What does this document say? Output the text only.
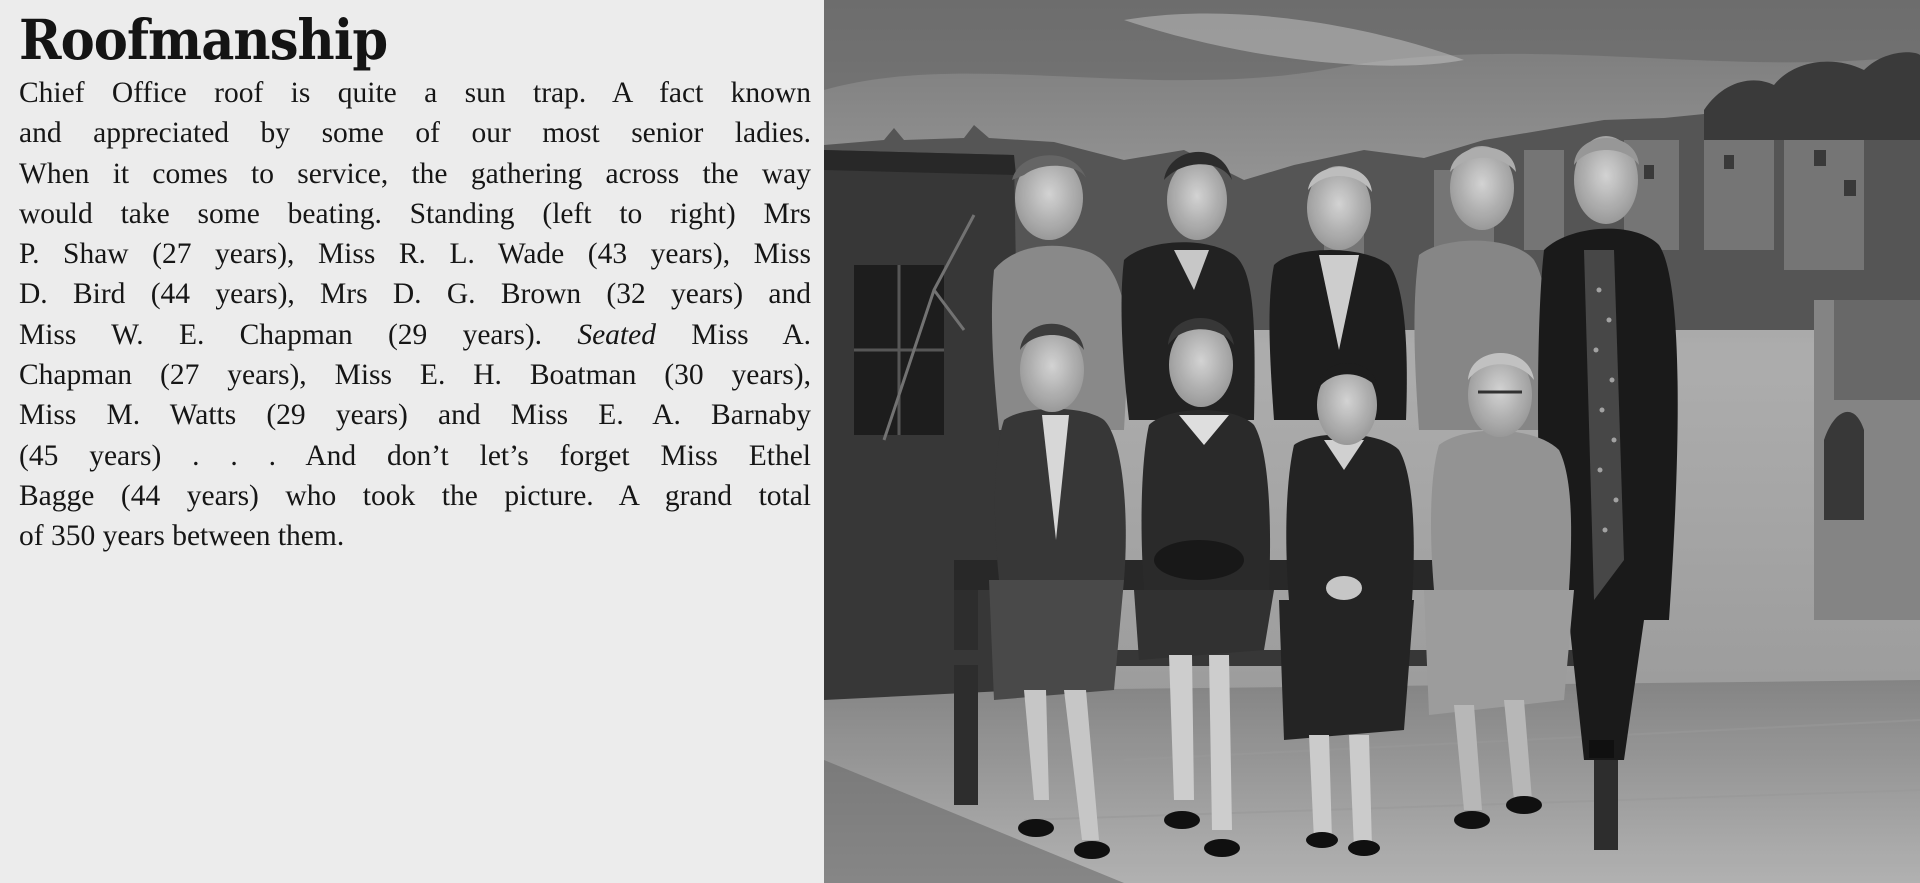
Roofmanship

Chief Office roof is quite a sun trap. A fact known
and appreciated by some of our most senior ladies.
When it comes to service, the gathering across the way
would take some beating. Standing (left to right) Mrs
P. Shaw (27 years), Miss R. L. Wade (43 years), Miss
D. Bird (44 years), Mrs D. G. Brown (32 years) and
Miss W. E. Chapman (29 years). Seated Miss A.
Chapman (27 years), Miss E. H. Boatman (30 years),
Miss M. Watts (29 years) and Miss E. A. Barnaby
(45 years) . . . And don’t let’s forget Miss Ethel
Bagge (44 years) who took the picture. A grand total
of 350 years between them.
